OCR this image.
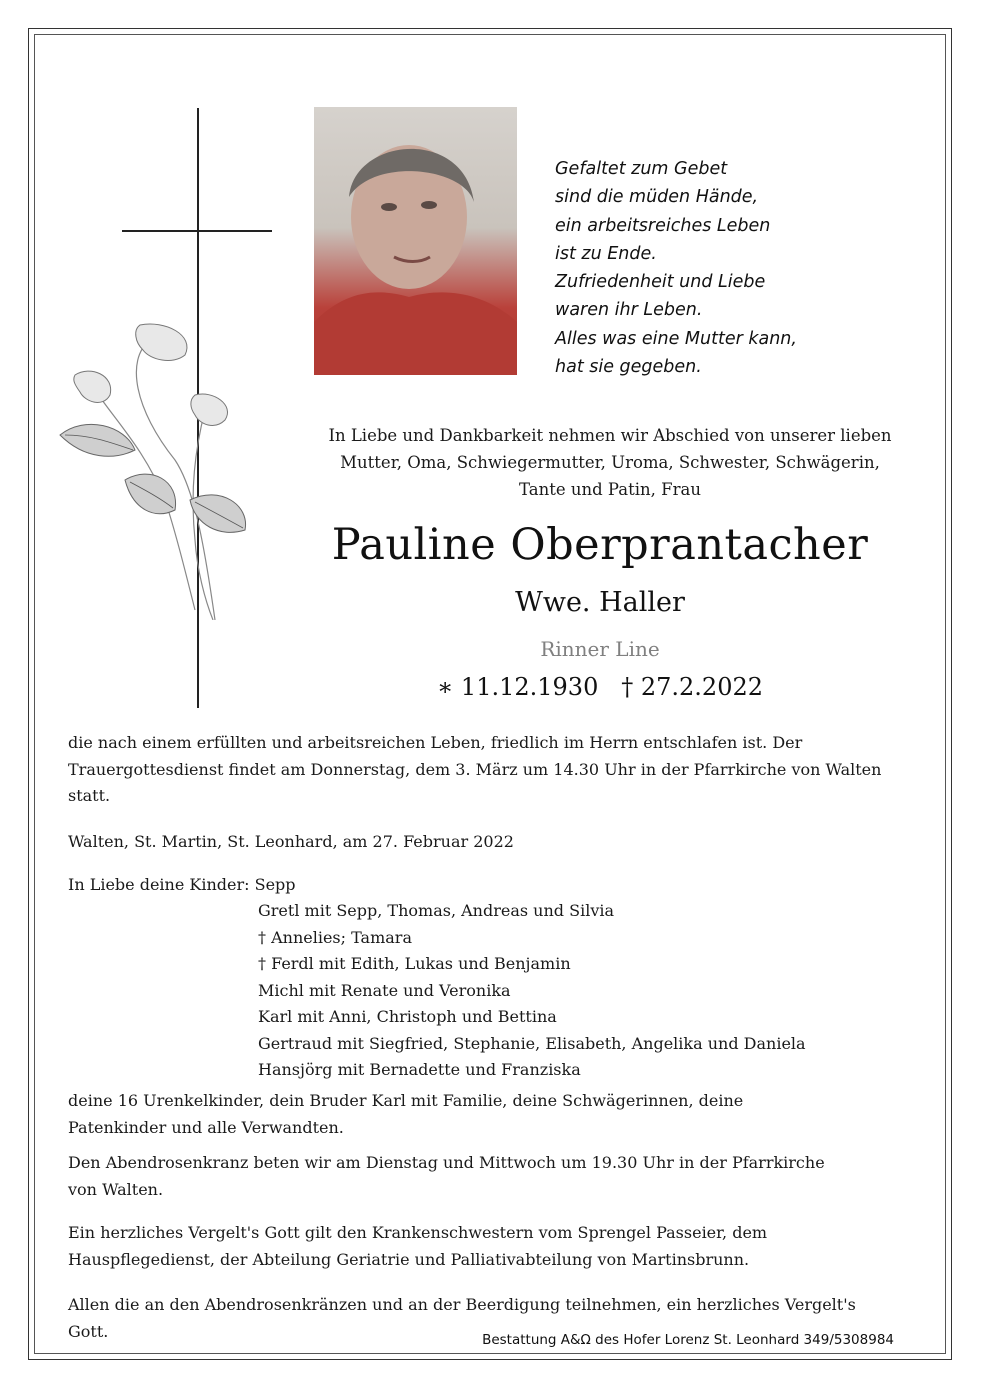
Gefaltet zum Gebet
sind die müden Hände,
ein arbeitsreiches Leben
ist zu Ende.
Zufriedenheit und Liebe
waren ihr Leben.
Alles was eine Mutter kann,
hat sie gegeben.
In Liebe und Dankbarkeit nehmen wir Abschied von unserer lieben
Mutter, Oma, Schwiegermutter, Uroma, Schwester, Schwägerin,
Tante und Patin, Frau
Pauline Oberprantacher
Wwe. Haller
Rinner Line
∗ 11.12.1930   † 27.2.2022
die nach einem erfüllten und arbeitsreichen Leben, friedlich im Herrn entschlafen ist. Der Trauergottesdienst findet am Donnerstag, dem 3. März um 14.30 Uhr in der Pfarrkirche von Walten statt.
Walten, St. Martin, St. Leonhard, am 27. Februar 2022
In Liebe deine Kinder: Sepp
Gretl mit Sepp, Thomas, Andreas und Silvia
† Annelies; Tamara
† Ferdl mit Edith, Lukas und Benjamin
Michl mit Renate und Veronika
Karl mit Anni, Christoph und Bettina
Gertraud mit Siegfried, Stephanie, Elisabeth, Angelika und Daniela
Hansjörg mit Bernadette und Franziska
deine 16 Urenkelkinder, dein Bruder Karl mit Familie, deine Schwägerinnen, deine Patenkinder und alle Verwandten.
Den Abendrosenkranz beten wir am Dienstag und Mittwoch um 19.30 Uhr in der Pfarrkirche von Walten.
Ein herzliches Vergelt's Gott gilt den Krankenschwestern vom Sprengel Passeier, dem Hauspflegedienst, der Abteilung Geriatrie und Palliativabteilung von Martinsbrunn.
Allen die an den Abendrosenkränzen und an der Beerdigung teilnehmen, ein herzliches Vergelt's Gott.	Bestattung A&Ω des Hofer Lorenz St. Leonhard 349/5308984
